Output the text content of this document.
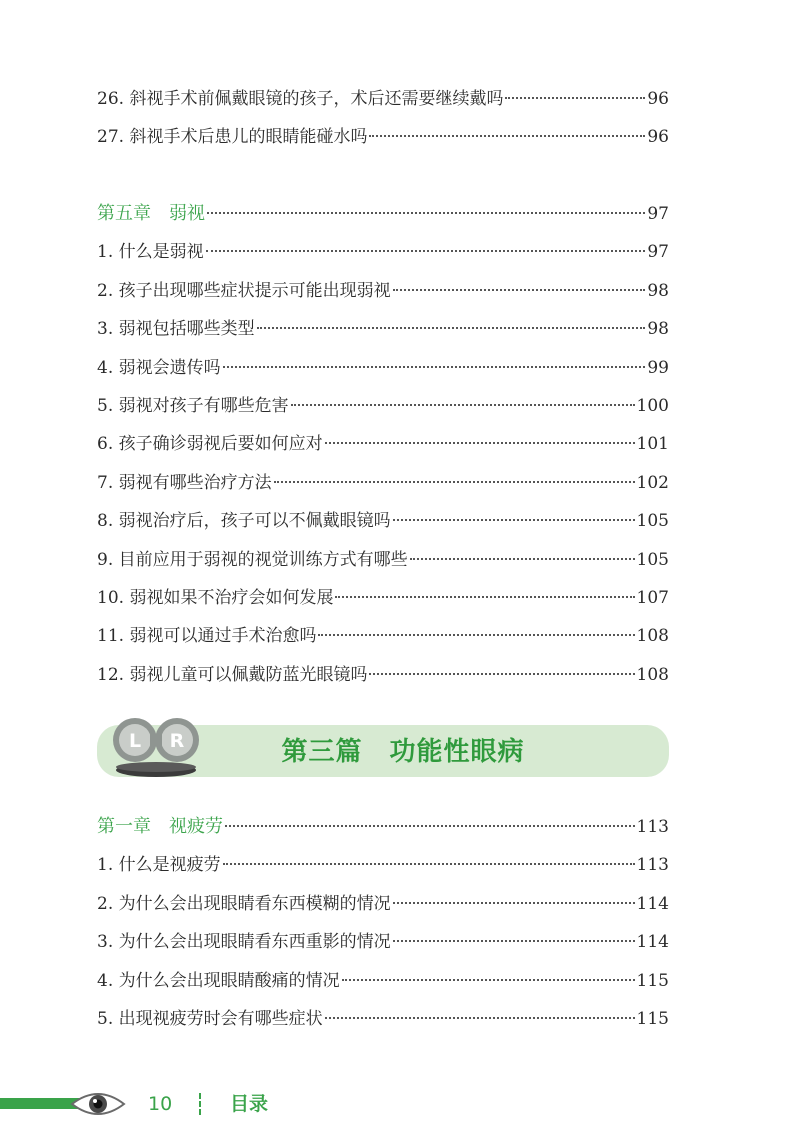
26. 斜视手术前佩戴眼镜的孩子，术后还需要继续戴吗	96
27. 斜视手术后患儿的眼睛能碰水吗	96
第五章　弱视	97
1. 什么是弱视	97
2. 孩子出现哪些症状提示可能出现弱视	98
3. 弱视包括哪些类型	98
4. 弱视会遗传吗	99
5. 弱视对孩子有哪些危害	100
6. 孩子确诊弱视后要如何应对	101
7. 弱视有哪些治疗方法	102
8. 弱视治疗后，孩子可以不佩戴眼镜吗	105
9. 目前应用于弱视的视觉训练方式有哪些	105
10. 弱视如果不治疗会如何发展	107
11. 弱视可以通过手术治愈吗	108
12. 弱视儿童可以佩戴防蓝光眼镜吗	108
第三篇　功能性眼病
L R
第一章　视疲劳	113
1. 什么是视疲劳	113
2. 为什么会出现眼睛看东西模糊的情况	114
3. 为什么会出现眼睛看东西重影的情况	114
4. 为什么会出现眼睛酸痛的情况	115
5. 出现视疲劳时会有哪些症状	115
10	目录
